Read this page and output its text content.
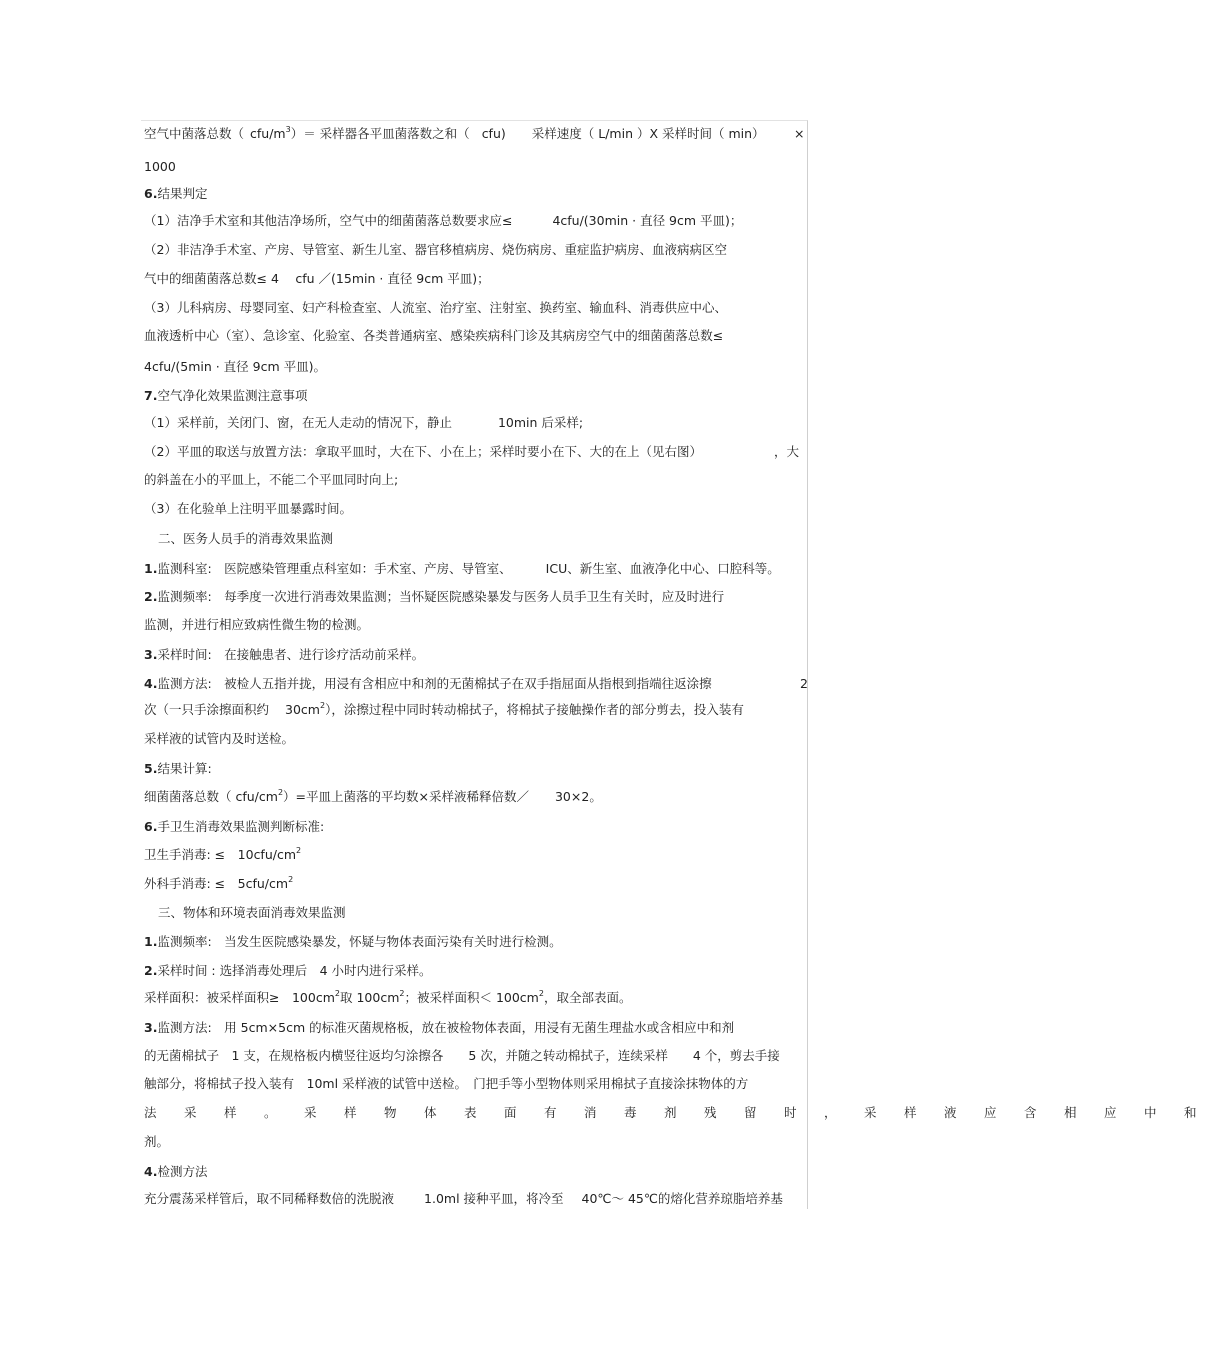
空气中菌落总数（ cfu/$m^3)=$ 采样器各平皿菌落数之和（ cfu) 采样速度（ L/min ）X 采样时间（ min） ×
1000
6.结果判定
（1）洁净手术室和其他洁净场所，空气中的细菌菌落总数要求应≤	4cfu/(30min · 直径 9cm 平皿)；
（2）非洁净手术室、产房、导管室、新生儿室、器官移植病房、烧伤病房、重症监护病房、血液病病区空
气中的细菌菌落总数≤ 4　 cfu ／(15min · 直径 9cm 平皿)；
（3）儿科病房、母婴同室、妇产科检查室、人流室、治疗室、注射室、换药室、输血科、消毒供应中心、
血液透析中心（室）、急诊室、化验室、各类普通病室、感染疾病科门诊及其病房空气中的细菌菌落总数≤
4cfu/(5min · 直径 9cm 平皿)。
7.空气净化效果监测注意事项
（1）采样前，关闭门、窗，在无人走动的情况下，静止	10min 后采样;
（2）平皿的取送与放置方法：拿取平皿时，大在下、小在上；采样时要小在下、大的在上（见右图）	，大
的斜盖在小的平皿上，不能二个平皿同时向上;
（3）在化验单上注明平皿暴露时间。
二、医务人员手的消毒效果监测
1.监测科室:　医院感染管理重点科室如：手术室、产房、导管室、	ICU、新生室、血液净化中心、口腔科等。
2.监测频率:　每季度一次进行消毒效果监测；当怀疑医院感染暴发与医务人员手卫生有关时，应及时进行
监测，并进行相应致病性微生物的检测。
3.采样时间:　在接触患者、进行诊疗活动前采样。
4.监测方法:　被检人五指并拢，用浸有含相应中和剂的无菌棉拭子在双手指屈面从指根到指端往返涂擦	2
次（一只手涂擦面积约 $30cm^2$），涂擦过程中同时转动棉拭子，将棉拭子接触操作者的部分剪去，投入装有
采样液的试管内及时送检。
5.结果计算:
细菌菌落总数（ cfu/$cm^2)=$平皿上菌落的平均数×采样液稀释倍数／ 30×2。
6.手卫生消毒效果监测判断标准:
卫生手消毒: ≤　$10cfu/cm^2$
外科手消毒: ≤　$5cfu/cm^2$
三、物体和环境表面消毒效果监测
1.监测频率:　当发生医院感染暴发，怀疑与物体表面污染有关时进行检测。
2.采样时间 : 选择消毒处理后　4 小时内进行采样。
采样面积：被采样面积≥　$100cm^2$取 $100cm^2$；被采样面积＜ $100cm^2$，取全部表面。
3.监测方法:　用 5cm×5cm 的标准灭菌规格板，放在被检物体表面，用浸有无菌生理盐水或含相应中和剂
的无菌棉拭子　1 支，在规格板内横竖往返均匀涂擦各　　5 次，并随之转动棉拭子，连续采样　　4 个，剪去手接
触部分，将棉拭子投入装有　10ml 采样液的试管中送检。　门把手等小型物体则采用棉拭子直接涂抹物体的方
法采样。采样物体表面有消毒剂残留时，采样液应含相应中和
剂。
4.检测方法
充分震荡采样管后，取不同稀释数倍的洗脱液 1.0ml 接种平皿，将冷至 40℃～ 45℃的熔化营养琼脂培养基
